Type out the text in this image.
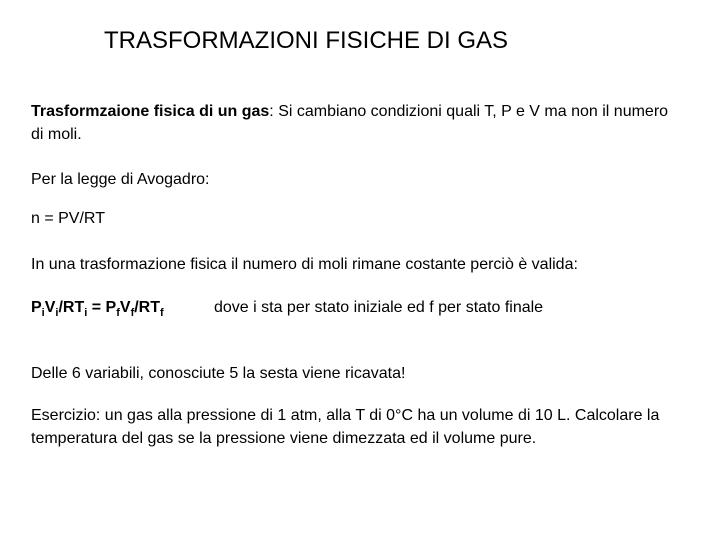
TRASFORMAZIONI FISICHE DI GAS
Trasformzaione fisica di un gas: Si cambiano condizioni quali T, P e V ma non il numero di moli.
Per la legge di Avogadro:
n = PV/RT
In una trasformazione fisica il numero di moli rimane costante perciò è valida:
$P_iV_i/RT_i = P_fV_f/RT_f$	dove i sta per stato iniziale ed f per stato finale
Delle 6 variabili, conosciute 5 la sesta viene ricavata!
Esercizio: un gas alla pressione di 1 atm, alla T di 0°C ha un volume di 10 L. Calcolare la temperatura del gas se la pressione viene dimezzata ed il volume pure.
